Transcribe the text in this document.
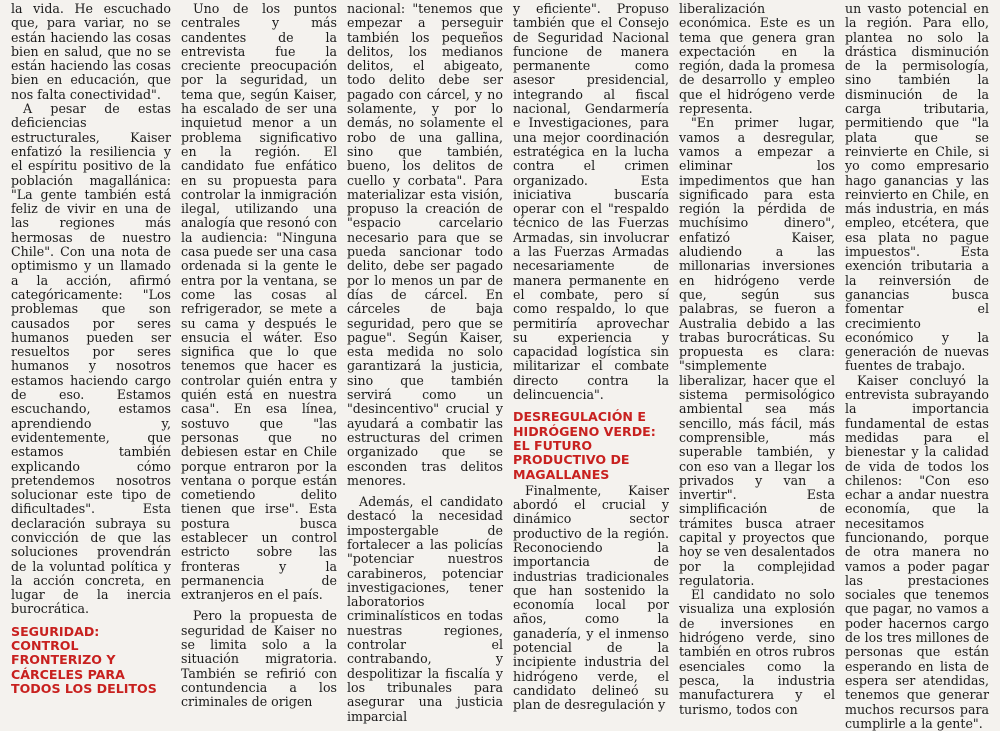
la vida. He escuchado que, para variar, no se están haciendo las cosas bien en salud, que no se están haciendo las cosas bien en educación, que nos falta conectividad".

A pesar de estas deficiencias estructurales, Kaiser enfatizó la resiliencia y el espíritu positivo de la población magallánica: "La gente también está feliz de vivir en una de las regiones más hermosas de nuestro Chile". Con una nota de optimismo y un llamado a la acción, afirmó categóricamente: "Los problemas que son causados por seres humanos pueden ser resueltos por seres humanos y nosotros estamos haciendo cargo de eso. Estamos escuchando, estamos aprendiendo y, evidentemente, que estamos también explicando cómo pretendemos nosotros solucionar este tipo de dificultades". Esta declaración subraya su convicción de que las soluciones provendrán de la voluntad política y la acción concreta, en lugar de la inercia burocrática.

SEGURIDAD: CONTROL FRONTERIZO Y CÁRCELES PARA TODOS LOS DELITOS

Uno de los puntos centrales y más candentes de la entrevista fue la creciente preocupación por la seguridad, un tema que, según Kaiser, ha escalado de ser una inquietud menor a un problema significativo en la región. El candidato fue enfático en su propuesta para controlar la inmigración ilegal, utilizando una analogía que resonó con la audiencia: "Ninguna casa puede ser una casa ordenada si la gente le entra por la ventana, se come las cosas al refrigerador, se mete a su cama y después le ensucia el wáter. Eso significa que lo que tenemos que hacer es controlar quién entra y quién está en nuestra casa". En esa línea, sostuvo que "las personas que no debiesen estar en Chile porque entraron por la ventana o porque están cometiendo delito tienen que irse". Esta postura busca establecer un control estricto sobre las fronteras y la permanencia de extranjeros en el país.

Pero la propuesta de seguridad de Kaiser no se limita solo a la situación migratoria. También se refirió con contundencia a los criminales de origen

nacional: "tenemos que empezar a perseguir también los pequeños delitos, los medianos delitos, el abigeato, todo delito debe ser pagado con cárcel, y no solamente, y por lo demás, no solamente el robo de una gallina, sino que también, bueno, los delitos de cuello y corbata". Para materializar esta visión, propuso la creación de "espacio carcelario necesario para que se pueda sancionar todo delito, debe ser pagado por lo menos un par de días de cárcel. En cárceles de baja seguridad, pero que se pague". Según Kaiser, esta medida no solo garantizará la justicia, sino que también servirá como un "desincentivo" crucial y ayudará a combatir las estructuras del crimen organizado que se esconden tras delitos menores.

Además, el candidato destacó la necesidad impostergable de fortalecer a las policías "potenciar nuestros carabineros, potenciar investigaciones, tener laboratorios criminalísticos en todas nuestras regiones, controlar el contrabando, y despolitizar la fiscalía y los tribunales para asegurar una justicia imparcial

y eficiente". Propuso también que el Consejo de Seguridad Nacional funcione de manera permanente como asesor presidencial, integrando al fiscal nacional, Gendarmería e Investigaciones, para una mejor coordinación estratégica en la lucha contra el crimen organizado. Esta iniciativa buscaría operar con el "respaldo técnico de las Fuerzas Armadas, sin involucrar a las Fuerzas Armadas necesariamente de manera permanente en el combate, pero sí como respaldo, lo que permitiría aprovechar su experiencia y capacidad logística sin militarizar el combate directo contra la delincuencia".

DESREGULACIÓN E HIDRÓGENO VERDE: EL FUTURO PRODUCTIVO DE MAGALLANES

Finalmente, Kaiser abordó el crucial y dinámico sector productivo de la región. Reconociendo la importancia de industrias tradicionales que han sostenido la economía local por años, como la ganadería, y el inmenso potencial de la incipiente industria del hidrógeno verde, el candidato delineó su plan de desregulación y

liberalización económica. Este es un tema que genera gran expectación en la región, dada la promesa de desarrollo y empleo que el hidrógeno verde representa.

"En primer lugar, vamos a desregular, vamos a empezar a eliminar los impedimentos que han significado para esta región la pérdida de muchísimo dinero", enfatizó Kaiser, aludiendo a las millonarias inversiones en hidrógeno verde que, según sus palabras, se fueron a Australia debido a las trabas burocráticas. Su propuesta es clara: "simplemente liberalizar, hacer que el sistema permisológico ambiental sea más sencillo, más fácil, más comprensible, más superable también, y con eso van a llegar los privados y van a invertir". Esta simplificación de trámites busca atraer capital y proyectos que hoy se ven desalentados por la complejidad regulatoria.

El candidato no solo visualiza una explosión de inversiones en hidrógeno verde, sino también en otros rubros esenciales como la pesca, la industria manufacturera y el turismo, todos con

un vasto potencial en la región. Para ello, plantea no solo la drástica disminución de la permisología, sino también la disminución de la carga tributaria, permitiendo que "la plata que se reinvierte en Chile, si yo como empresario hago ganancias y las reinvierto en Chile, en más industria, en más empleo, etcétera, que esa plata no pague impuestos". Esta exención tributaria a la reinversión de ganancias busca fomentar el crecimiento económico y la generación de nuevas fuentes de trabajo.

Kaiser concluyó la entrevista subrayando la importancia fundamental de estas medidas para el bienestar y la calidad de vida de todos los chilenos: "Con eso echar a andar nuestra economía, que la necesitamos funcionando, porque de otra manera no vamos a poder pagar las prestaciones sociales que tenemos que pagar, no vamos a poder hacernos cargo de los tres millones de personas que están esperando en lista de espera ser atendidas, tenemos que generar muchos recursos para cumplirle a la gente".
